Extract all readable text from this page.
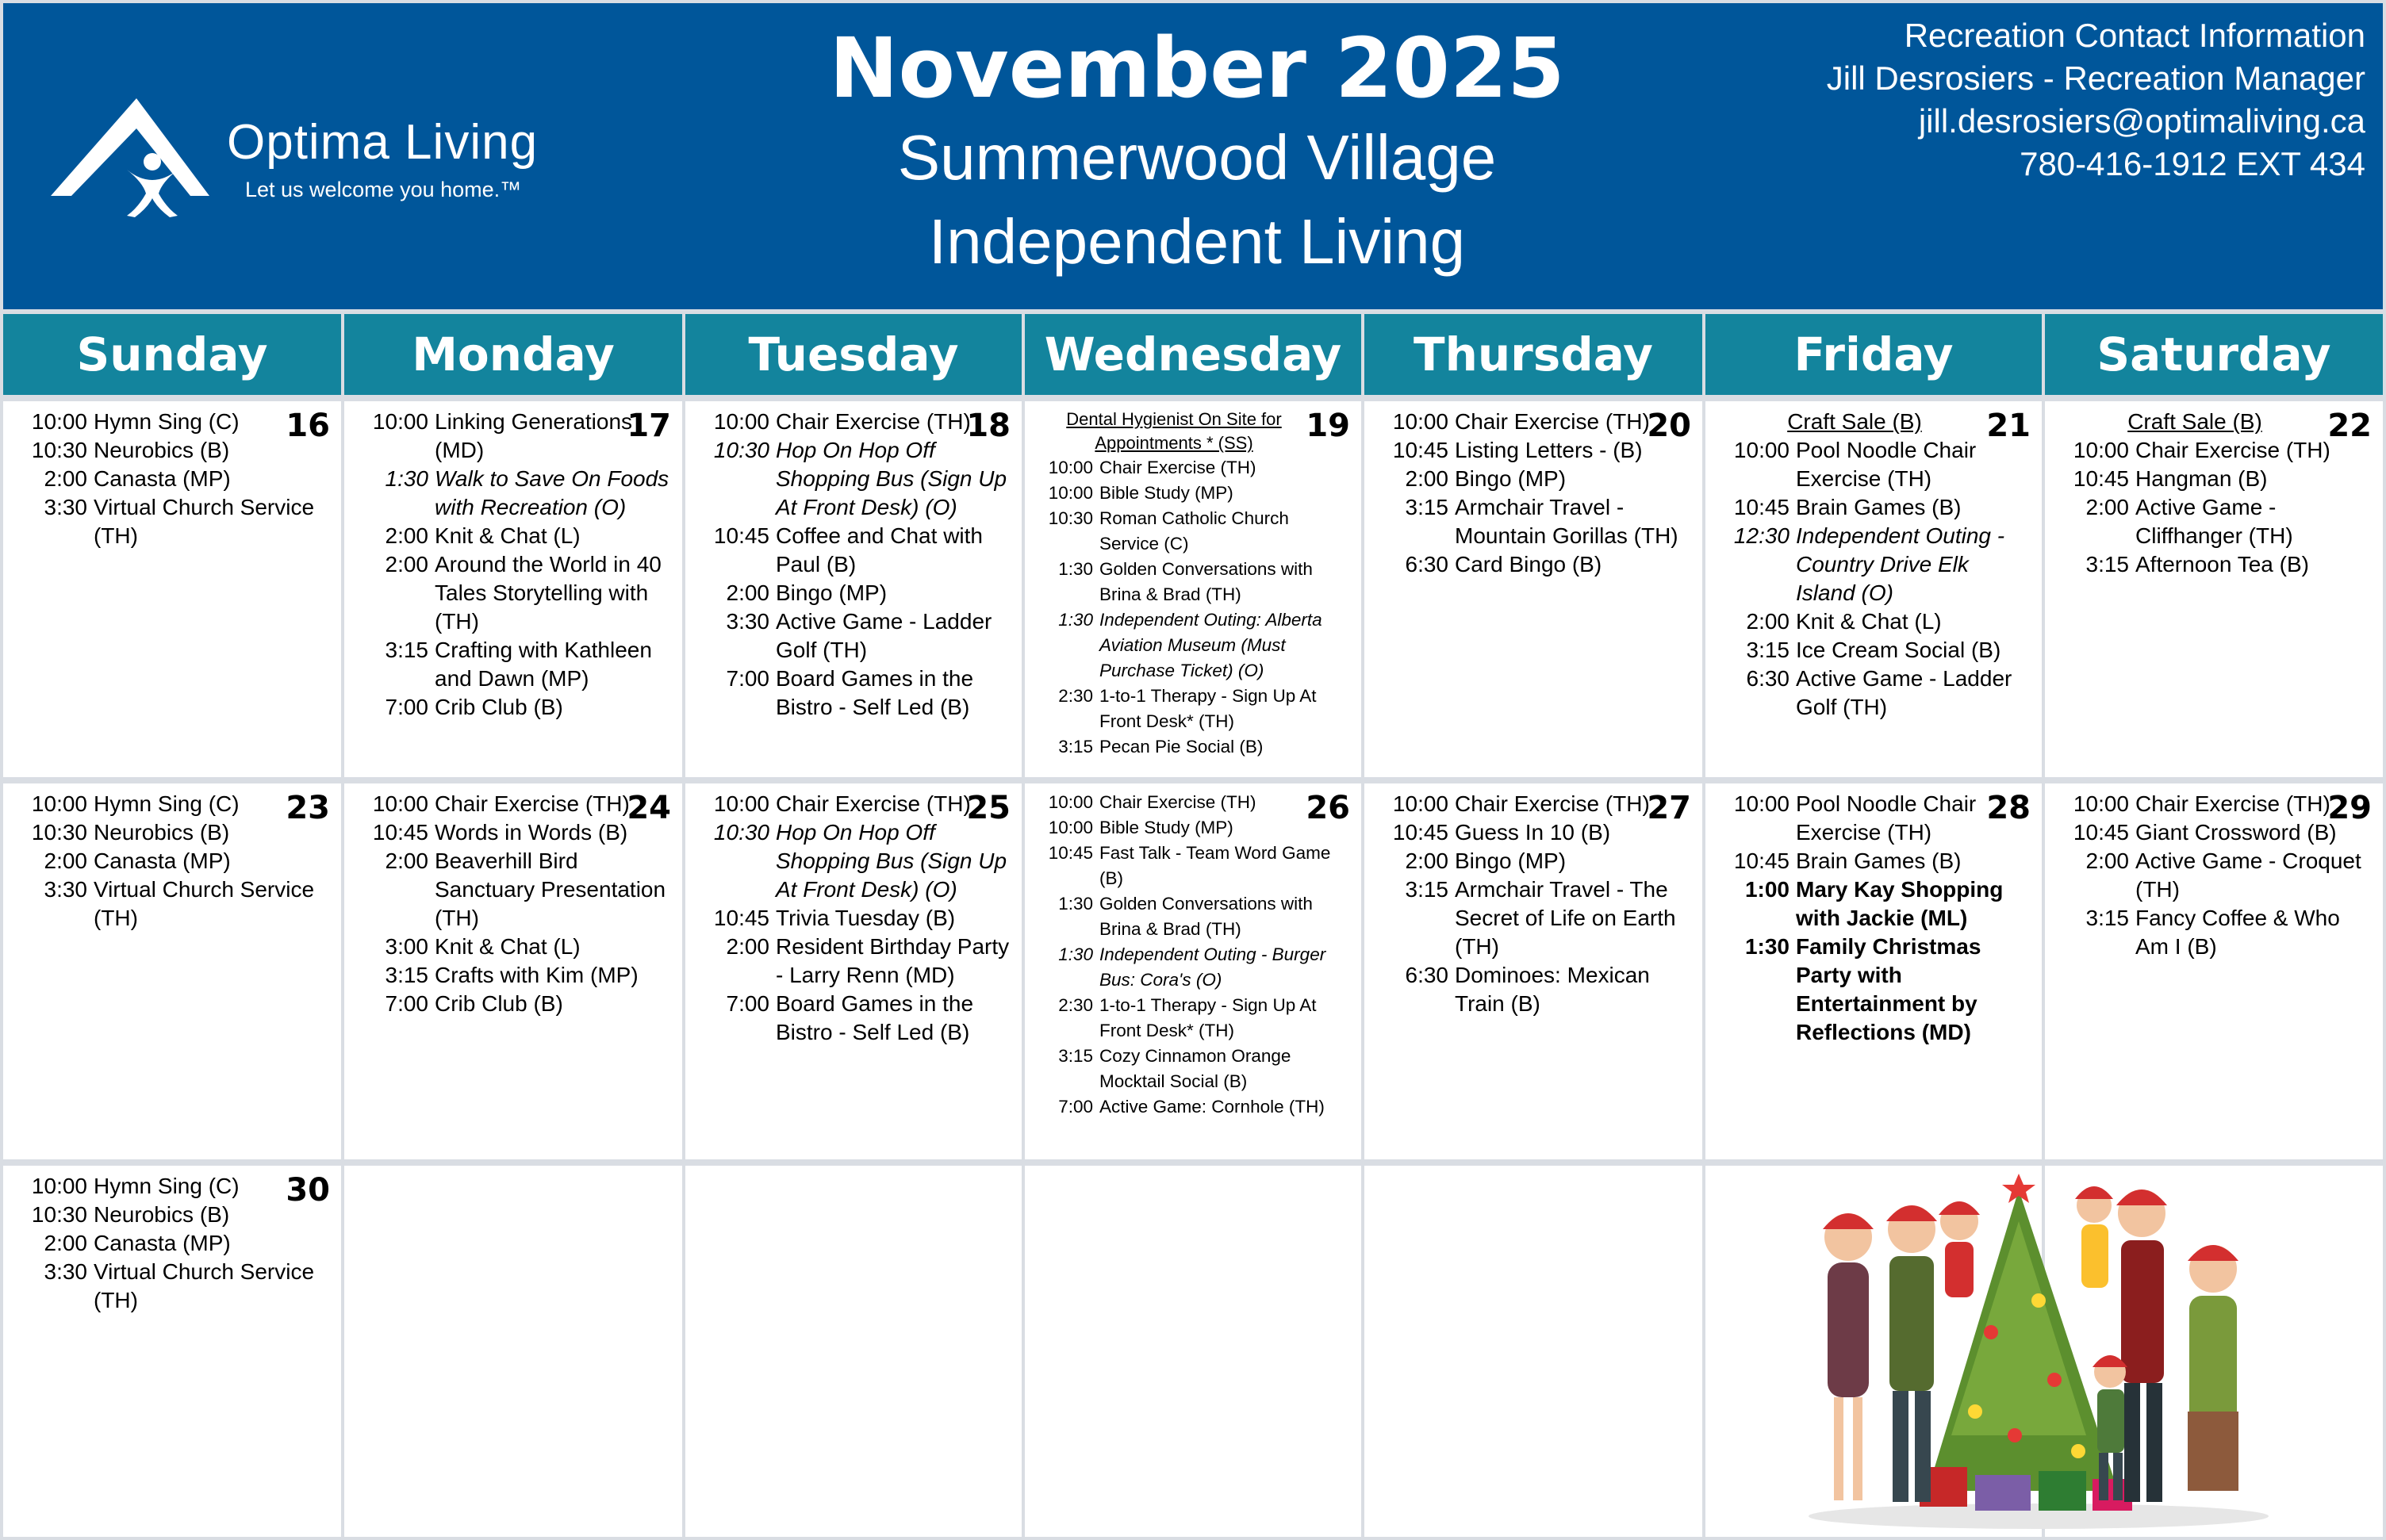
Optima Living
Let us welcome you home.™
November 2025
Summerwood Village
Independent Living
Recreation Contact Information
Jill Desrosiers - Recreation Manager
jill.desrosiers@optimaliving.ca
780-416-1912 EXT 434
Sunday	Monday	Tuesday	Wednesday	Thursday	Friday	Saturday
16
10:00 Hymn Sing (C)
10:30 Neurobics (B)
2:00 Canasta (MP)
3:30 Virtual Church Service (TH)
17
10:00 Linking Generations (MD)
1:30 Walk to Save On Foods with Recreation (O)
2:00 Knit & Chat (L)
2:00 Around the World in 40 Tales Storytelling with (TH)
3:15 Crafting with Kathleen and Dawn (MP)
7:00 Crib Club (B)
18
10:00 Chair Exercise (TH)
10:30 Hop On Hop Off Shopping Bus (Sign Up At Front Desk) (O)
10:45 Coffee and Chat with Paul (B)
2:00 Bingo (MP)
3:30 Active Game - Ladder Golf (TH)
7:00 Board Games in the Bistro - Self Led (B)
19
Dental Hygienist On Site for Appointments * (SS)
10:00 Chair Exercise (TH)
10:00 Bible Study (MP)
10:30 Roman Catholic Church Service (C)
1:30 Golden Conversations with Brina & Brad (TH)
1:30 Independent Outing: Alberta Aviation Museum (Must Purchase Ticket) (O)
2:30 1-to-1 Therapy - Sign Up At Front Desk* (TH)
3:15 Pecan Pie Social (B)
20
10:00 Chair Exercise (TH)
10:45 Listing Letters - (B)
2:00 Bingo (MP)
3:15 Armchair Travel - Mountain Gorillas (TH)
6:30 Card Bingo (B)
21
Craft Sale (B)
10:00 Pool Noodle Chair Exercise (TH)
10:45 Brain Games (B)
12:30 Independent Outing - Country Drive Elk Island (O)
2:00 Knit & Chat (L)
3:15 Ice Cream Social (B)
6:30 Active Game - Ladder Golf (TH)
22
Craft Sale (B)
10:00 Chair Exercise (TH)
10:45 Hangman (B)
2:00 Active Game - Cliffhanger (TH)
3:15 Afternoon Tea (B)
23
10:00 Hymn Sing (C)
10:30 Neurobics (B)
2:00 Canasta (MP)
3:30 Virtual Church Service (TH)
24
10:00 Chair Exercise (TH)
10:45 Words in Words (B)
2:00 Beaverhill Bird Sanctuary Presentation (TH)
3:00 Knit & Chat (L)
3:15 Crafts with Kim (MP)
7:00 Crib Club (B)
25
10:00 Chair Exercise (TH)
10:30 Hop On Hop Off Shopping Bus (Sign Up At Front Desk) (O)
10:45 Trivia Tuesday (B)
2:00 Resident Birthday Party - Larry Renn (MD)
7:00 Board Games in the Bistro - Self Led (B)
26
10:00 Chair Exercise (TH)
10:00 Bible Study (MP)
10:45 Fast Talk - Team Word Game (B)
1:30 Golden Conversations with Brina & Brad (TH)
1:30 Independent Outing - Burger Bus: Cora's (O)
2:30 1-to-1 Therapy - Sign Up At Front Desk* (TH)
3:15 Cozy Cinnamon Orange Mocktail Social (B)
7:00 Active Game: Cornhole (TH)
27
10:00 Chair Exercise (TH)
10:45 Guess In 10 (B)
2:00 Bingo (MP)
3:15 Armchair Travel - The Secret of Life on Earth (TH)
6:30 Dominoes: Mexican Train (B)
28
10:00 Pool Noodle Chair Exercise (TH)
10:45 Brain Games (B)
1:00 Mary Kay Shopping with Jackie (ML)
1:30 Family Christmas Party with Entertainment by Reflections (MD)
29
10:00 Chair Exercise (TH)
10:45 Giant Crossword (B)
2:00 Active Game - Croquet (TH)
3:15 Fancy Coffee & Who Am I (B)
30
10:00 Hymn Sing (C)
10:30 Neurobics (B)
2:00 Canasta (MP)
3:30 Virtual Church Service (TH)
